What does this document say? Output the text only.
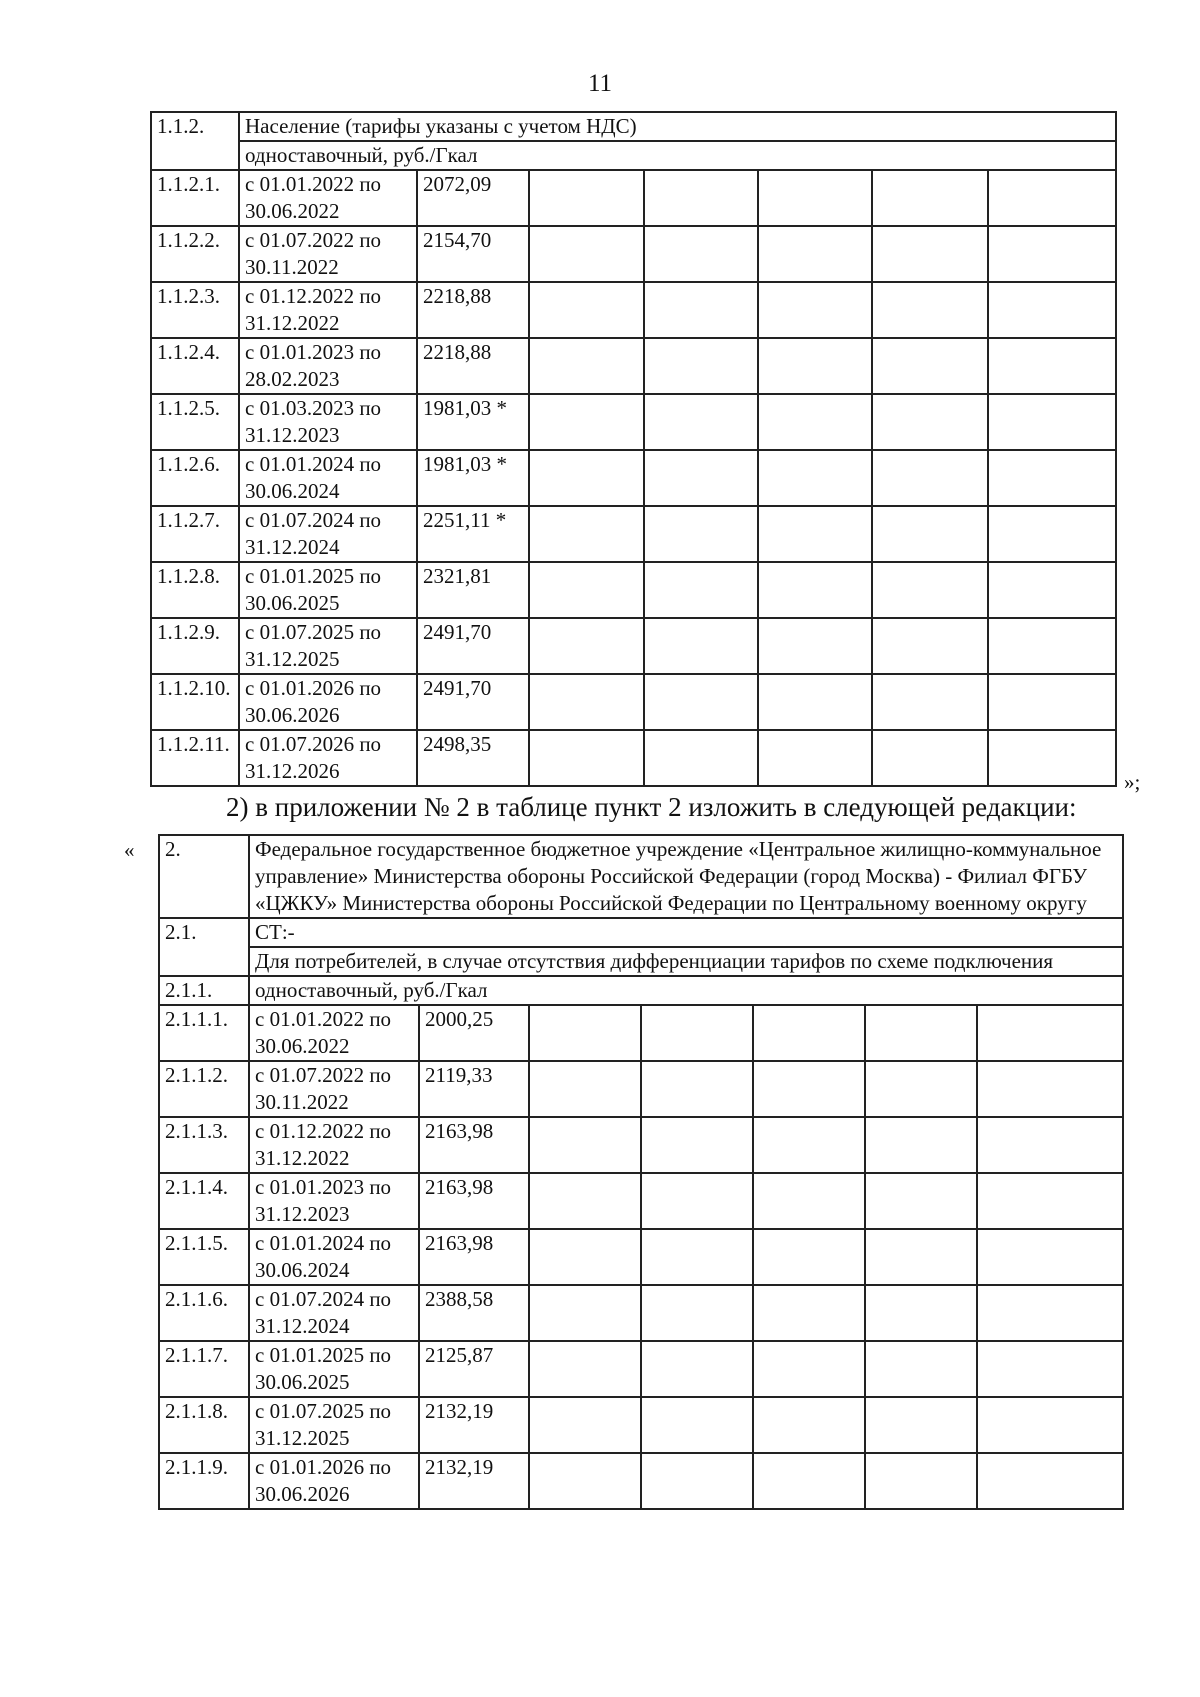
11
1.1.2.	Население (тарифы указаны с учетом НДС)						
	одноставочный, руб./Гкал						
1.1.2.1.	с 01.01.2022 по 30.06.2022	2072,09					
1.1.2.2.	с 01.07.2022 по 30.11.2022	2154,70					
1.1.2.3.	с 01.12.2022 по 31.12.2022	2218,88					
1.1.2.4.	с 01.01.2023 по 28.02.2023	2218,88					
1.1.2.5.	с 01.03.2023 по 31.12.2023	1981,03 *					
1.1.2.6.	с 01.01.2024 по 30.06.2024	1981,03 *					
1.1.2.7.	с 01.07.2024 по 31.12.2024	2251,11 *					
1.1.2.8.	с 01.01.2025 по 30.06.2025	2321,81					
1.1.2.9.	с 01.07.2025 по 31.12.2025	2491,70					
1.1.2.10.	с 01.01.2026 по 30.06.2026	2491,70					
1.1.2.11.	с 01.07.2026 по 31.12.2026	2498,35					
»;
2) в приложении № 2 в таблице пункт 2 изложить в следующей редакции:
« 2.	Федеральное государственное бюджетное учреждение «Центральное жилищно-коммунальное управление» Министерства обороны Российской Федерации (город Москва) - Филиал ФГБУ «ЦЖКУ» Министерства обороны Российской Федерации по Центральному военному округу						
2.1.	СТ:-						
	Для потребителей, в случае отсутствия дифференциации тарифов по схеме подключения						
2.1.1.	одноставочный, руб./Гкал						
2.1.1.1.	с 01.01.2022 по 30.06.2022	2000,25					
2.1.1.2.	с 01.07.2022 по 30.11.2022	2119,33					
2.1.1.3.	с 01.12.2022 по 31.12.2022	2163,98					
2.1.1.4.	с 01.01.2023 по 31.12.2023	2163,98					
2.1.1.5.	с 01.01.2024 по 30.06.2024	2163,98					
2.1.1.6.	с 01.07.2024 по 31.12.2024	2388,58					
2.1.1.7.	с 01.01.2025 по 30.06.2025	2125,87					
2.1.1.8.	с 01.07.2025 по 31.12.2025	2132,19					
2.1.1.9.	с 01.01.2026 по 30.06.2026	2132,19					
